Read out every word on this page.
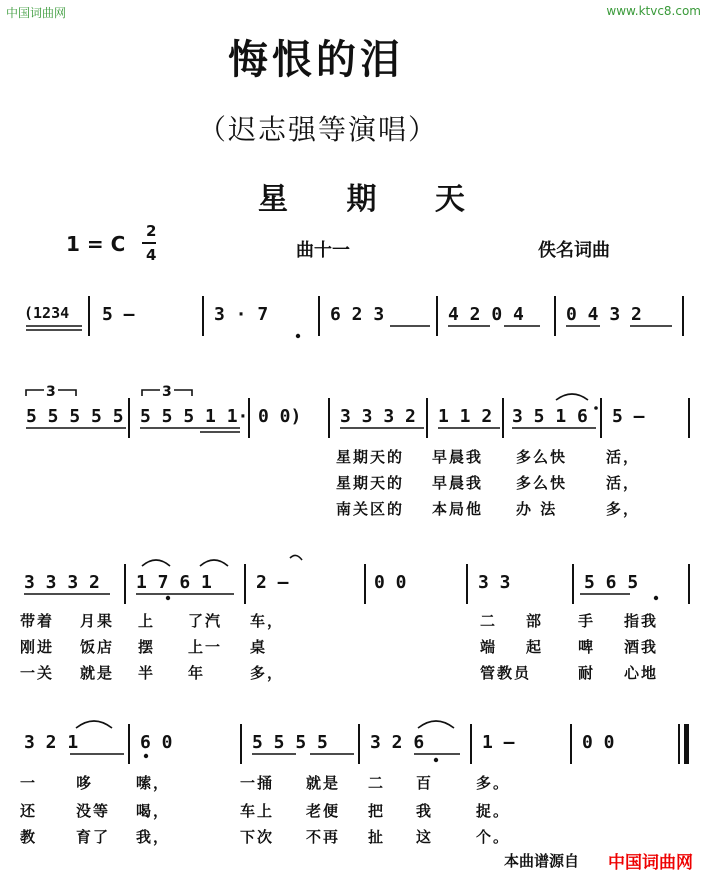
中国词曲网	www.ktvc8.com
悔恨的泪
（迟志强等演唱）
星 期 天
1 = C
2
4	曲十一	佚名词曲
(1234 5 —	3 · 7	6 2 3	4 2 0 4 0 4 3 2
3	3
5 5 5 5 5 5 5 5 1 1· 0 0) 3 3 3 2 1 1 2 3 5 1 6 5 —
星期天的 早晨我 多么快	活，
星期天的 早晨我 多么快	活，
南关区的 本局他 办 法	多，
3 3 3 2 1 7 6 1 2 —	0 0	3 3	5 6 5
带着 月果 上 了汽 车，	二 部 手 指我
刚进 饭店 摆 上一 桌	端 起 啤 酒我
一关 就是 半 年	多，	管教员	耐 心地
3 2 1	6 0	5 5 5 5 3 2 6	1 —	0 0
一	哆	嗦，	一捅 就是 二 百	多。
还	没等 喝，	车上 老便 把 我	捉。
教	育了 我，	下次 不再 扯 这	个。
本曲谱源自 中国词曲网
